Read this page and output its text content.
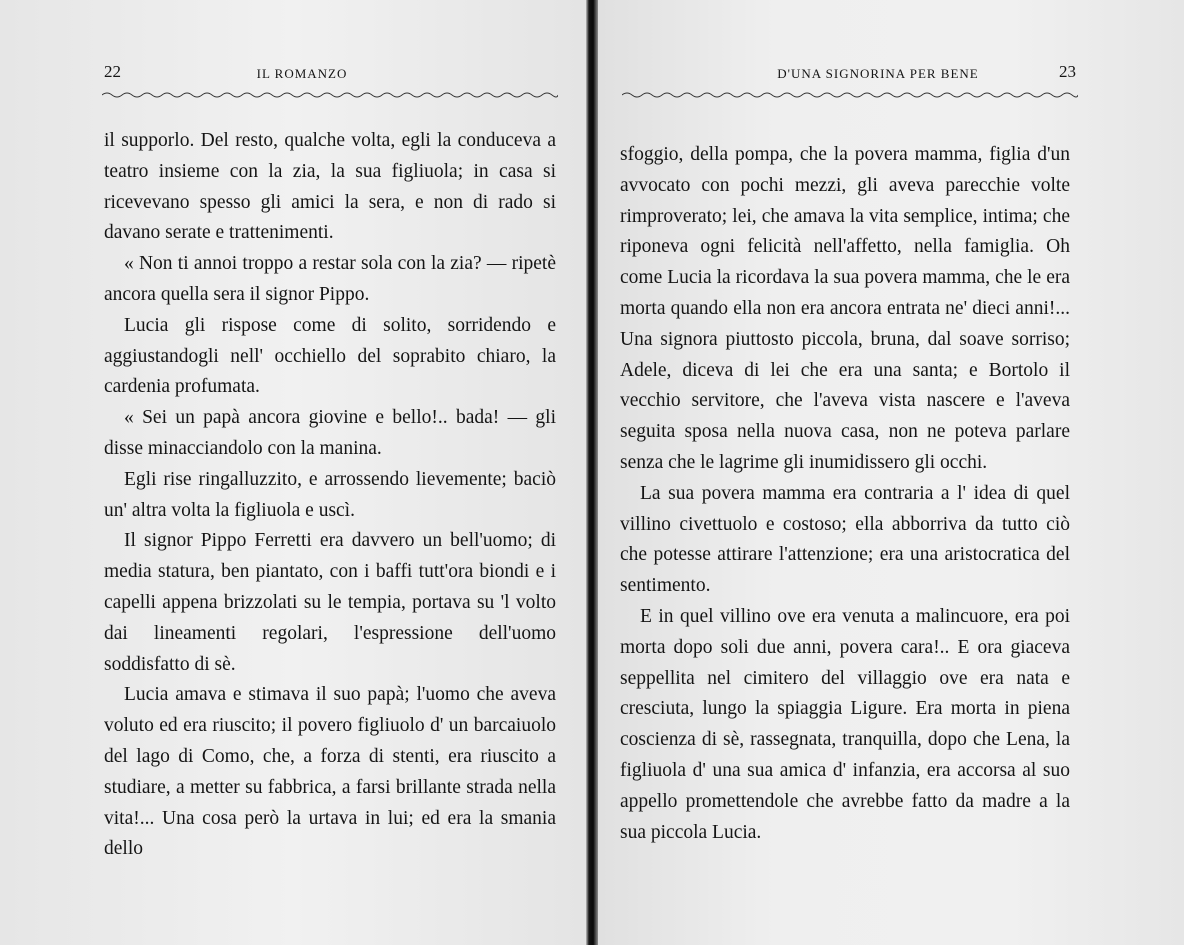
22	IL ROMANZO

il supporlo. Del resto, qualche volta, egli la conduceva a teatro insieme con la zia, la sua figliuola; in casa si ricevevano spesso gli amici la sera, e non di rado si davano serate e trattenimenti.

« Non ti annoi troppo a restar sola con la zia? — ripetè ancora quella sera il signor Pippo.

Lucia gli rispose come di solito, sorridendo e aggiustandogli nell' occhiello del soprabito chiaro, la cardenia profumata.

« Sei un papà ancora giovine e bello!.. bada! — gli disse minacciandolo con la manina.

Egli rise ringalluzzito, e arrossendo lievemente; baciò un' altra volta la figliuola e uscì.

Il signor Pippo Ferretti era davvero un bell'uomo; di media statura, ben piantato, con i baffi tutt'ora biondi e i capelli appena brizzolati su le tempia, portava su 'l volto dai lineamenti regolari, l'espressione dell'uomo soddisfatto di sè.

Lucia amava e stimava il suo papà; l'uomo che aveva voluto ed era riuscito; il povero figliuolo d' un barcaiuolo del lago di Como, che, a forza di stenti, era riuscito a studiare, a metter su fabbrica, a farsi brillante strada nella vita!... Una cosa però la urtava in lui; ed era la smania dello

D'UNA SIGNORINA PER BENE	23

sfoggio, della pompa, che la povera mamma, figlia d'un avvocato con pochi mezzi, gli aveva parecchie volte rimproverato; lei, che amava la vita semplice, intima; che riponeva ogni felicità nell'affetto, nella famiglia. Oh come Lucia la ricordava la sua povera mamma, che le era morta quando ella non era ancora entrata ne' dieci anni!... Una signora piuttosto piccola, bruna, dal soave sorriso; Adele, diceva di lei che era una santa; e Bortolo il vecchio servitore, che l'aveva vista nascere e l'aveva seguita sposa nella nuova casa, non ne poteva parlare senza che le lagrime gli inumidissero gli occhi.

La sua povera mamma era contraria a l' idea di quel villino civettuolo e costoso; ella abborriva da tutto ciò che potesse attirare l'attenzione; era una aristocratica del sentimento.

E in quel villino ove era venuta a malincuore, era poi morta dopo soli due anni, povera cara!.. E ora giaceva seppellita nel cimitero del villaggio ove era nata e cresciuta, lungo la spiaggia Ligure. Era morta in piena coscienza di sè, rassegnata, tranquilla, dopo che Lena, la figliuola d' una sua amica d' infanzia, era accorsa al suo appello promettendole che avrebbe fatto da madre a la sua piccola Lucia.
